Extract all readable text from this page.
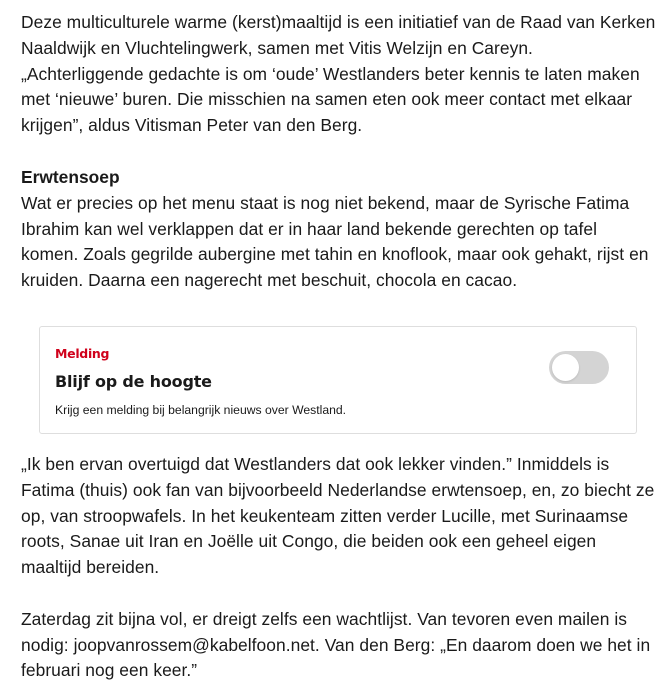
Deze multiculturele warme (kerst)maaltijd is een initiatief van de Raad van Kerken Naaldwijk en Vluchtelingwerk, samen met Vitis Welzijn en Careyn. „Achterliggende gedachte is om ‘oude’ Westlanders beter kennis te laten maken met ‘nieuwe’ buren. Die misschien na samen eten ook meer contact met elkaar krijgen”, aldus Vitisman Peter van den Berg.

Erwtensoep

Wat er precies op het menu staat is nog niet bekend, maar de Syrische Fatima Ibrahim kan wel verklappen dat er in haar land bekende gerechten op tafel komen. Zoals gegrilde aubergine met tahin en knoflook, maar ook gehakt, rijst en kruiden. Daarna een nagerecht met beschuit, chocola en cacao.

Melding
Blijf op de hoogte
Krijg een melding bij belangrijk nieuws over Westland.

„Ik ben ervan overtuigd dat Westlanders dat ook lekker vinden.” Inmiddels is Fatima (thuis) ook fan van bijvoorbeeld Nederlandse erwtensoep, en, zo biecht ze op, van stroopwafels. In het keukenteam zitten verder Lucille, met Surinaamse roots, Sanae uit Iran en Joëlle uit Congo, die beiden ook een geheel eigen maaltijd bereiden.

Zaterdag zit bijna vol, er dreigt zelfs een wachtlijst. Van tevoren even mailen is nodig: joopvanrossem@kabelfoon.net. Van den Berg: „En daarom doen we het in februari nog een keer.”
